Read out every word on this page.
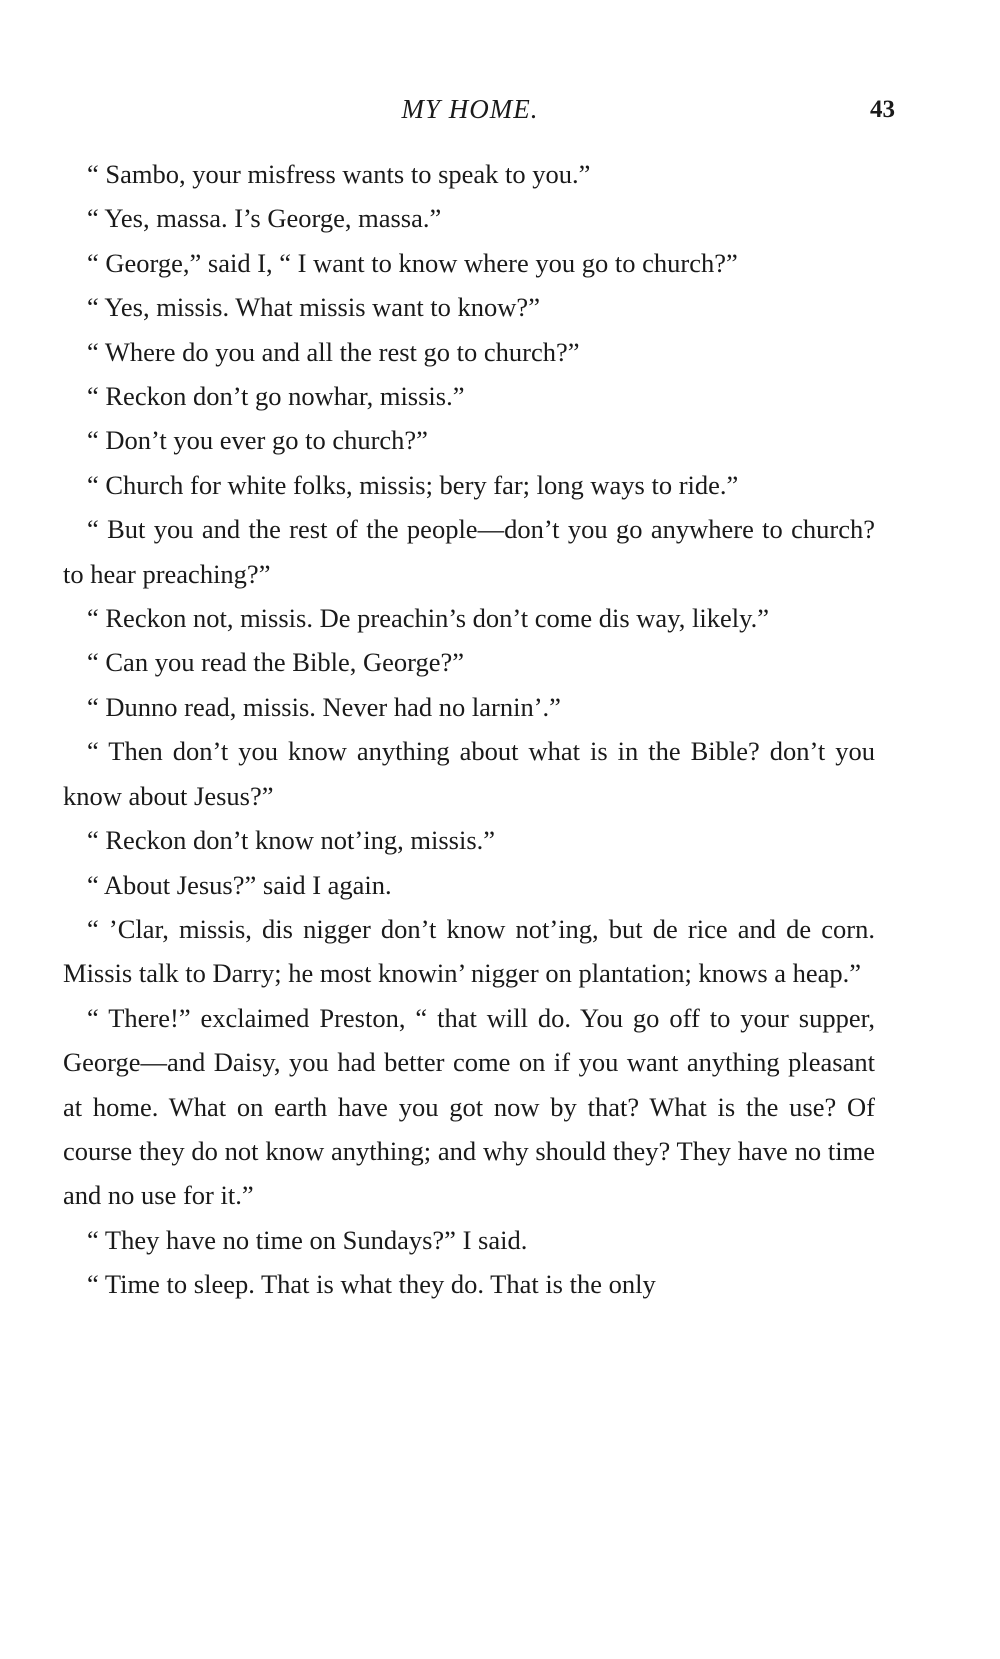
MY HOME.	43

“ Sambo, your misfress wants to speak to you.”

“ Yes, massa. I’s George, massa.”

“ George,” said I, “ I want to know where you go to church?”

“ Yes, missis. What missis want to know?”

“ Where do you and all the rest go to church?”

“ Reckon don’t go nowhar, missis.”

“ Don’t you ever go to church?”

“ Church for white folks, missis; bery far; long ways to ride.”

“ But you and the rest of the people—don’t you go anywhere to church? to hear preaching?”

“ Reckon not, missis. De preachin’s don’t come dis way, likely.”

“ Can you read the Bible, George?”

“ Dunno read, missis. Never had no larnin’.”

“ Then don’t you know anything about what is in the Bible? don’t you know about Jesus?”

“ Reckon don’t know not’ing, missis.”

“ About Jesus?” said I again.

“ ’Clar, missis, dis nigger don’t know not’ing, but de rice and de corn. Missis talk to Darry; he most knowin’ nigger on plantation; knows a heap.”

“ There!” exclaimed Preston, “ that will do. You go off to your supper, George—and Daisy, you had better come on if you want anything pleasant at home. What on earth have you got now by that? What is the use? Of course they do not know anything; and why should they? They have no time and no use for it.”

“ They have no time on Sundays?” I said.

“ Time to sleep. That is what they do. That is the only
